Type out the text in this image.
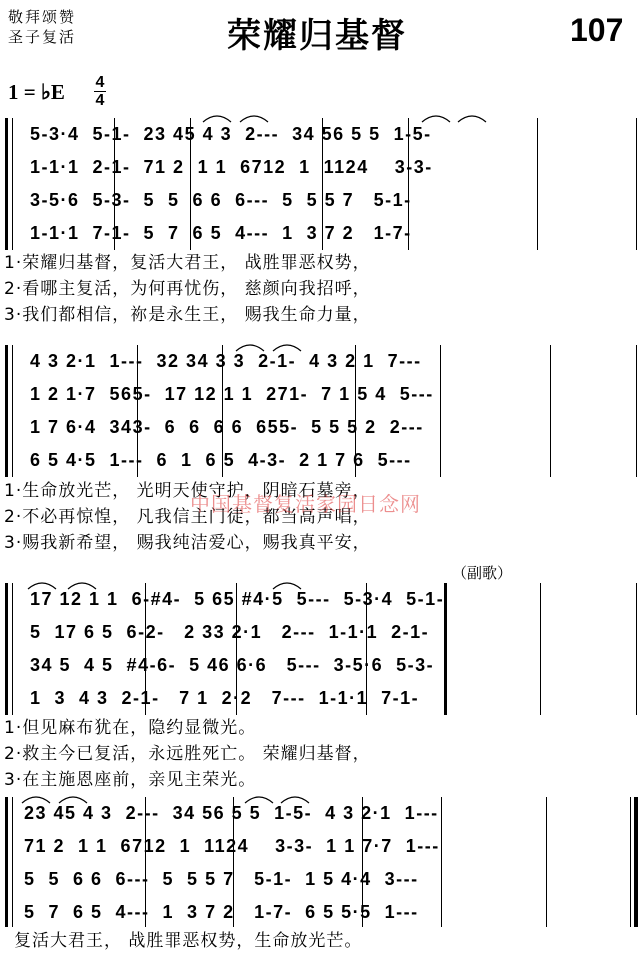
敬拜颂赞
圣子复活	荣耀归基督	107
1 = ♭E 4
4
5-3·4  5-1-  23 45 4 3  2---  34 56 5 5  1-5-
1-1·1  2-1-  71 2  1 1  6712  1  1124    3-3-
3-5·6  5-3-  5  5  6 6  6---  5  5 5 7   5-1-
1-1·1  7-1-  5  7  6 5  4---  1  3 7 2   1-7-
1·荣耀归基督，复活大君王， 战胜罪恶权势，
2·看哪主复活，为何再忧伤， 慈颜向我招呼，
3·我们都相信，祢是永生王， 赐我生命力量，
4 3 2·1  1---  32 34 3 3  2-1-  4 3 2 1  7---
1 2 1·7  565-  17 12 1 1  271-  7 1 5 4  5---
1 7 6·4  343-  6  6  6 6  655-  5 5 5 2  2---
6 5 4·5  1---  6  1  6 5  4-3-  2 1 7 6  5---
1·生命放光芒， 光明天使守护，阴暗石墓旁，
2·不必再惊惶， 凡我信主门徒，都当高声唱，
3·赐我新希望， 赐我纯洁爱心，赐我真平安，
中国基督复活家园日念网
（副歌）
17 12 1 1  6-#4-  5 65 #4·5  5---  5-3·4  5-1-
5  17 6 5  6-2-   2 33 2·1   2---  1-1·1  2-1-
34 5  4 5  #4-6-  5 46 6·6   5---  3-5·6  5-3-
1  3  4 3  2-1-   7 1  2·2   7---  1-1·1  7-1-
1·但见麻布犹在，隐约显微光。
2·救主今已复活，永远胜死亡。 荣耀归基督，
3·在主施恩座前，亲见主荣光。
23 45 4 3  2---  34 56 5 5  1-5-  4 3 2·1  1---
71 2  1 1  6712  1  1124    3-3-  1 1 7·7  1---
5  5  6 6  6---  5  5 5 7   5-1-  1 5 4·4  3---
5  7  6 5  4---  1  3 7 2   1-7-  6 5 5·5  1---
复活大君王， 战胜罪恶权势，生命放光芒。
